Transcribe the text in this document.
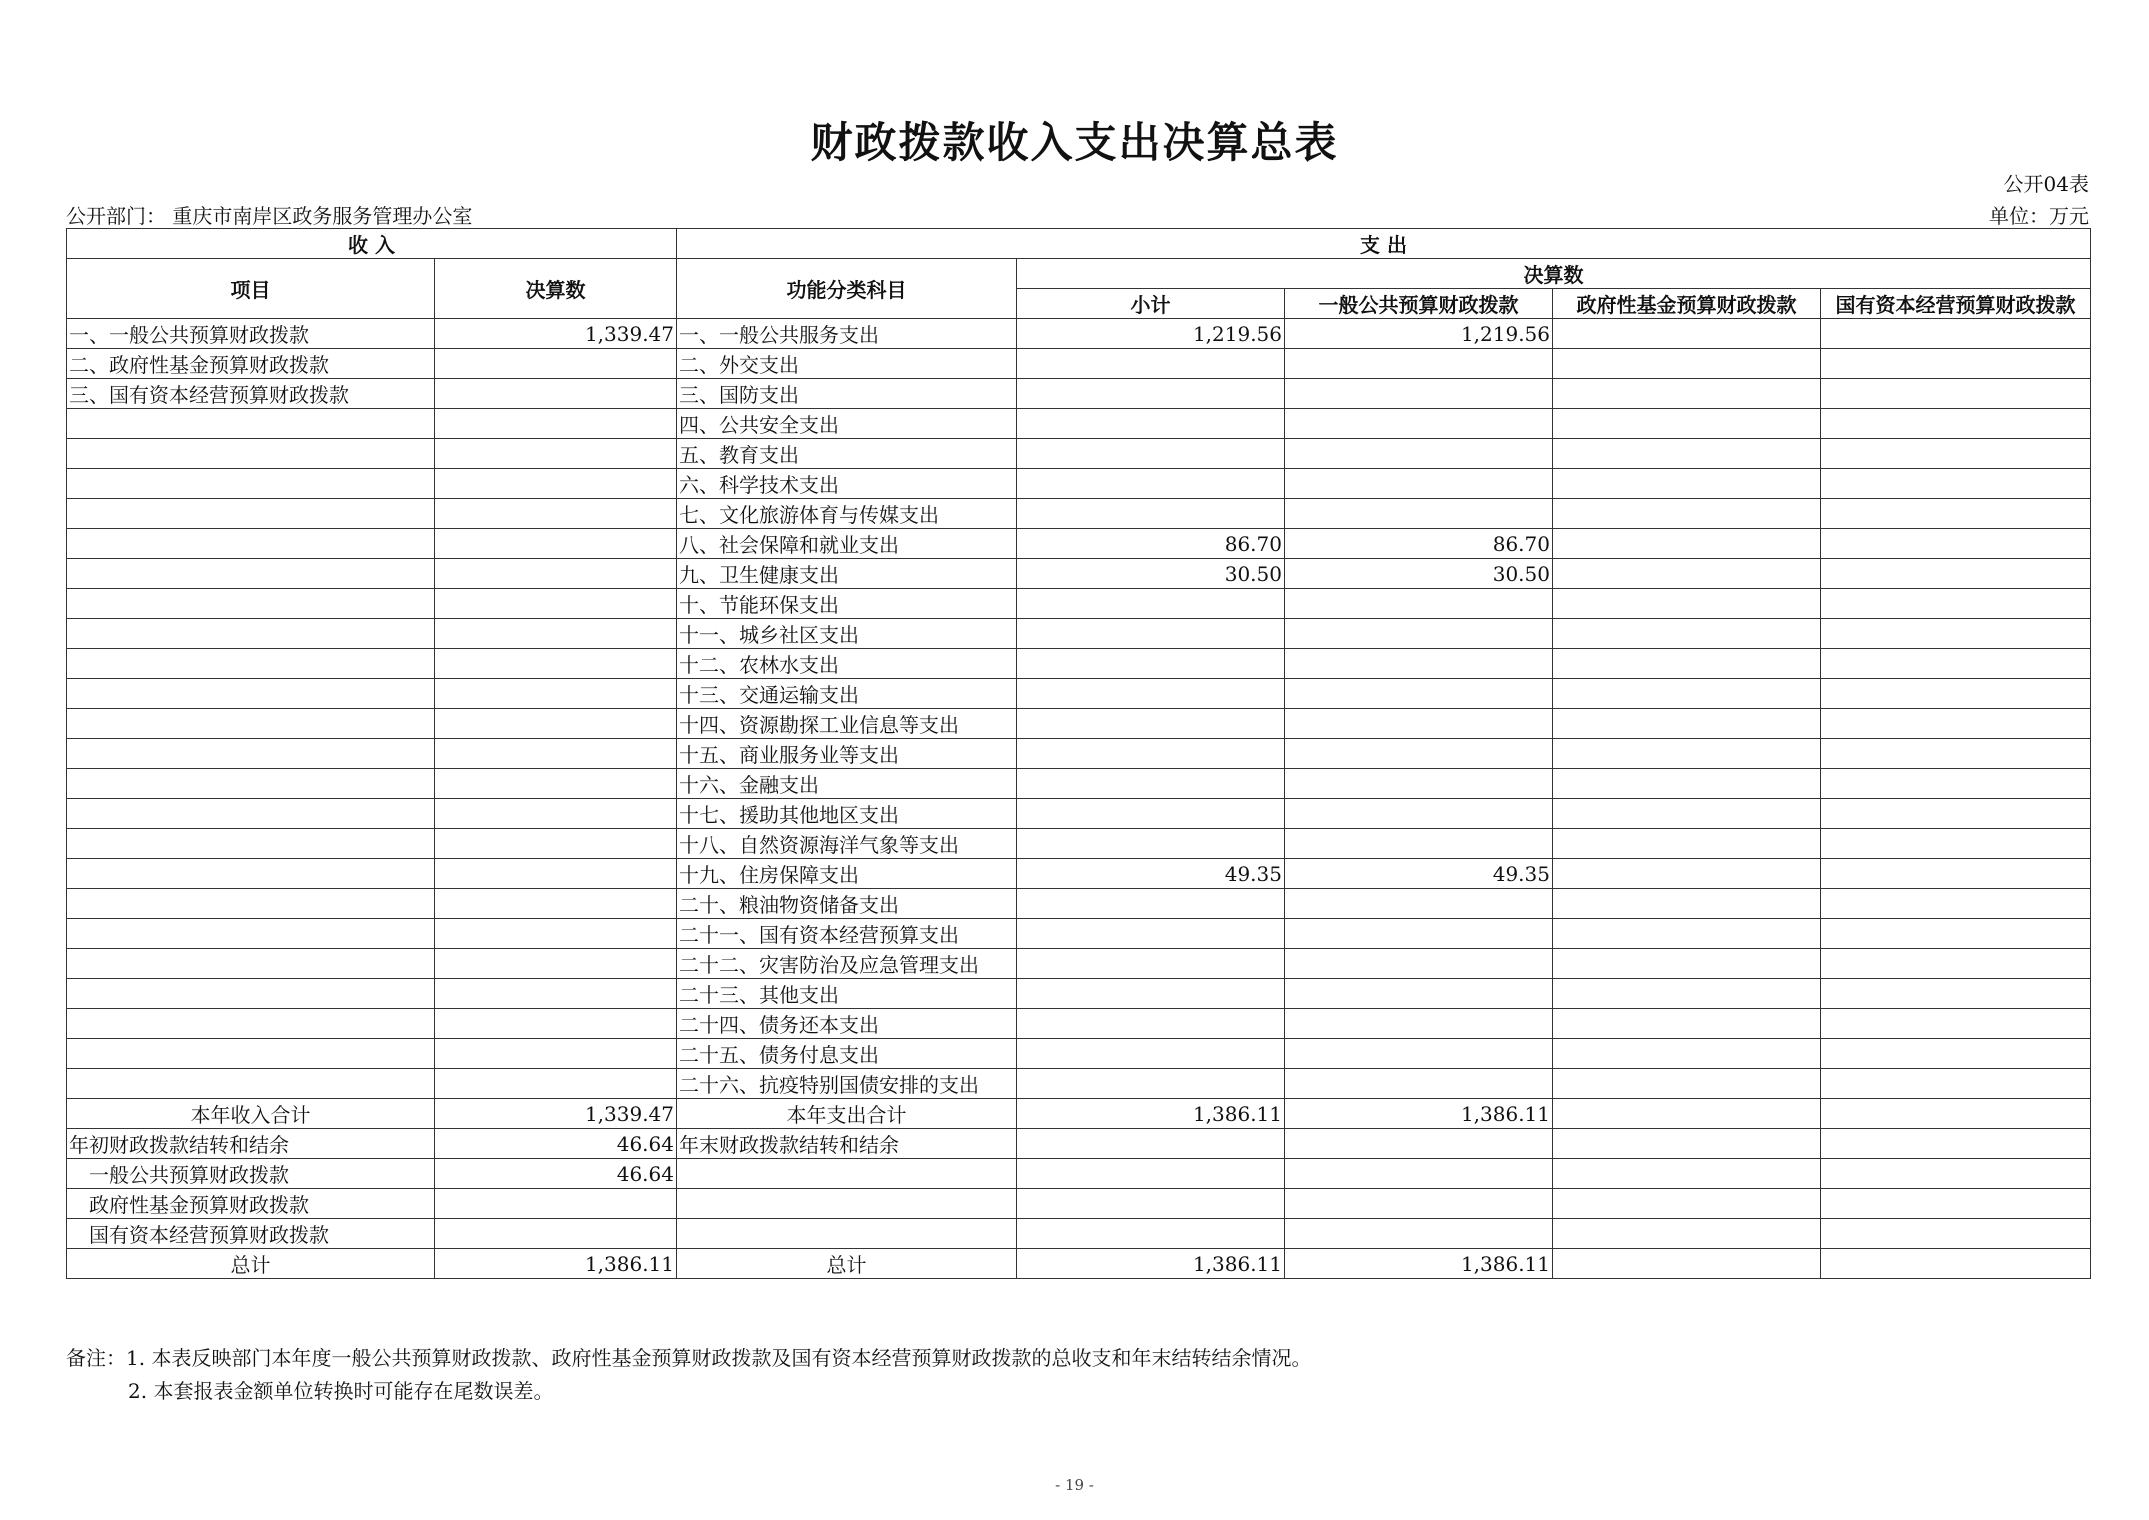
财政拨款收入支出决算总表
公开04表
公开部门： 重庆市南岸区政务服务管理办公室	单位：万元
收 入		支 出				
项目	决算数	功能分类科目	决算数			
			小计	一般公共预算财政拨款	政府性基金预算财政拨款	国有资本经营预算财政拨款
一、一般公共预算财政拨款	1,339.47	一、一般公共服务支出	1,219.56	1,219.56		
二、政府性基金预算财政拨款		二、外交支出				
三、国有资本经营预算财政拨款		三、国防支出				
		四、公共安全支出				
		五、教育支出				
		六、科学技术支出				
		七、文化旅游体育与传媒支出				
		八、社会保障和就业支出	86.70	86.70		
		九、卫生健康支出	30.50	30.50		
		十、节能环保支出				
		十一、城乡社区支出				
		十二、农林水支出				
		十三、交通运输支出				
		十四、资源勘探工业信息等支出				
		十五、商业服务业等支出				
		十六、金融支出				
		十七、援助其他地区支出				
		十八、自然资源海洋气象等支出				
		十九、住房保障支出	49.35	49.35		
		二十、粮油物资储备支出				
		二十一、国有资本经营预算支出				
		二十二、灾害防治及应急管理支出				
		二十三、其他支出				
		二十四、债务还本支出				
		二十五、债务付息支出				
		二十六、抗疫特别国债安排的支出				
本年收入合计	1,339.47	本年支出合计	1,386.11	1,386.11		
年初财政拨款结转和结余	46.64	年末财政拨款结转和结余				
一般公共预算财政拨款	46.64					
政府性基金预算财政拨款						
国有资本经营预算财政拨款						
总计	1,386.11	总计	1,386.11	1,386.11		
备注：1. 本表反映部门本年度一般公共预算财政拨款、政府性基金预算财政拨款及国有资本经营预算财政拨款的总收支和年末结转结余情况。
2. 本套报表金额单位转换时可能存在尾数误差。
- 19 -
